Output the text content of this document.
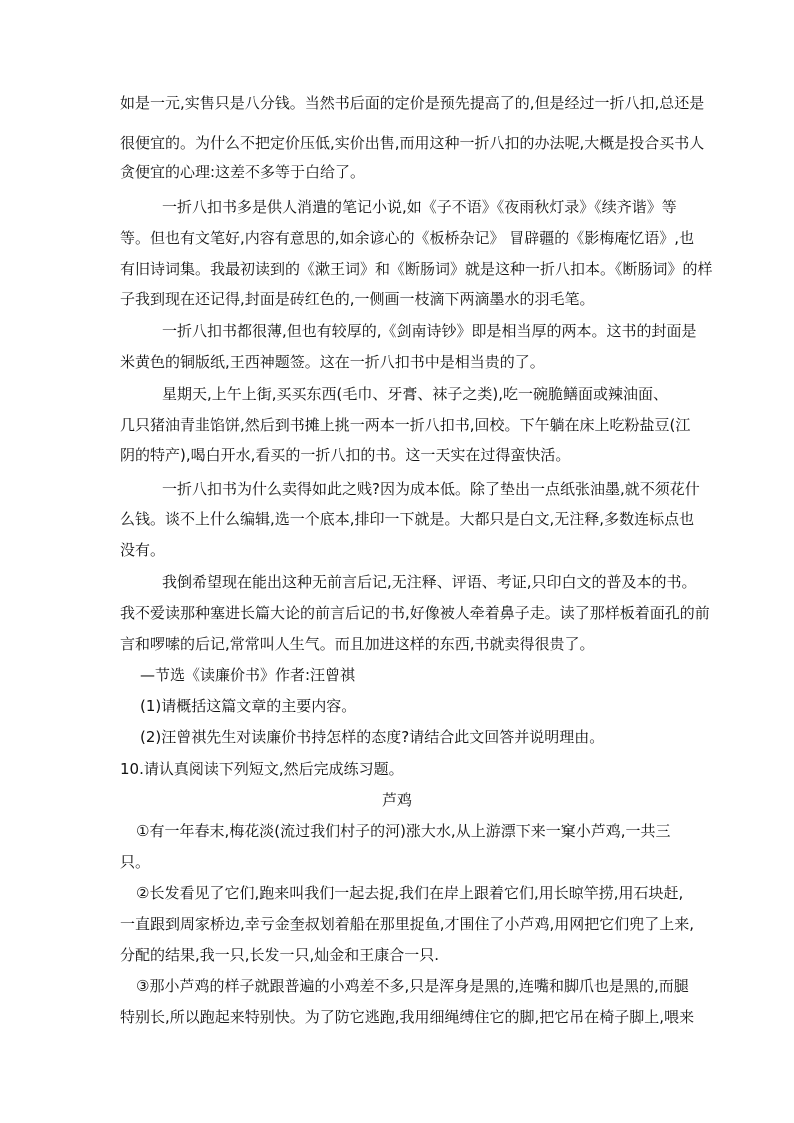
如是一元,实售只是八分钱。当然书后面的定价是预先提高了的,但是经过一折八扣,总还是
很便宜的。为什么不把定价压低,实价出售,而用这种一折八扣的办法呢,大概是投合买书人
贪便宜的心理:这差不多等于白给了。
一折八扣书多是供人消遣的笔记小说,如《子不语》《夜雨秋灯录》《续齐谐》等
等。但也有文笔好,内容有意思的,如余谚心的《板桥杂记》 冒辟疆的《影梅庵忆语》,也
有旧诗词集。我最初读到的《漱王词》和《断肠词》就是这种一折八扣本。《断肠词》的样
子我到现在还记得,封面是砖红色的,一侧画一枝滴下两滴墨水的羽毛笔。
一折八扣书都很薄,但也有较厚的,《剑南诗钞》即是相当厚的两本。这书的封面是
米黄色的铜版纸,王西神题签。这在一折八扣书中是相当贵的了。
星期天,上午上街,买买东西(毛巾、牙膏、袜子之类),吃一碗脆鳝面或辣油面、
几只猪油青韭馅饼,然后到书摊上挑一两本一折八扣书,回校。下午躺在床上吃粉盐豆(江
阴的特产),喝白开水,看买的一折八扣的书。这一天实在过得蛮快活。
一折八扣书为什么卖得如此之贱?因为成本低。除了垫出一点纸张油墨,就不须花什
么钱。谈不上什么编辑,选一个底本,排印一下就是。大都只是白文,无注释,多数连标点也
没有。
我倒希望现在能出这种无前言后记,无注释、评语、考证,只印白文的普及本的书。
我不爱读那种塞进长篇大论的前言后记的书,好像被人牵着鼻子走。读了那样板着面孔的前
言和啰嗦的后记,常常叫人生气。而且加进这样的东西,书就卖得很贵了。
—节选《读廉价书》作者:汪曾祺
(1)请概括这篇文章的主要内容。
(2)汪曾祺先生对读廉价书持怎样的态度?请结合此文回答并说明理由。
10.请认真阅读下列短文,然后完成练习题。
芦鸡
①有一年春末,梅花淡(流过我们村子的河)涨大水,从上游漂下来一窠小芦鸡,一共三
只。
②长发看见了它们,跑来叫我们一起去捉,我们在岸上跟着它们,用长晾竿捞,用石块赶,
一直跟到周家桥边,幸亏金奎叔划着船在那里捉鱼,才围住了小芦鸡,用网把它们兜了上来,
分配的结果,我一只,长发一只,灿金和王康合一只.
③那小芦鸡的样子就跟普遍的小鸡差不多,只是浑身是黑的,连嘴和脚爪也是黑的,而腿
特别长,所以跑起来特别快。为了防它逃跑,我用细绳缚住它的脚,把它吊在椅子脚上,喂来
